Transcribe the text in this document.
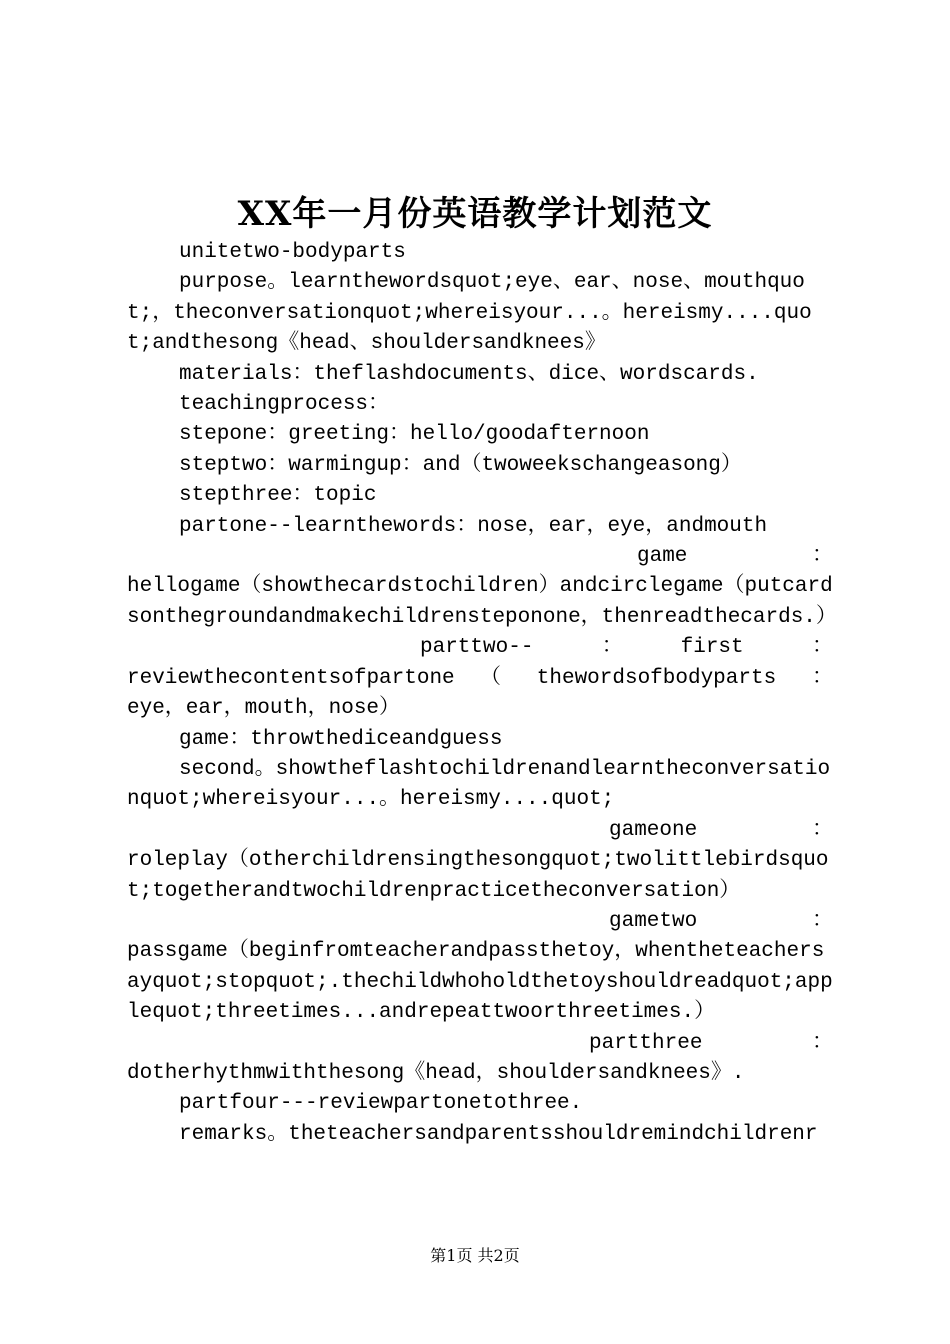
XX年一月份英语教学计划范文

unitetwo-bodyparts

purpose。learnthewordsquot;eye、ear、nose、mouthquot;，theconversationquot;whereisyour...。hereismy....quot;andthesong《head、shouldersandknees》

materials：theflashdocuments、dice、wordscards.

teachingprocess：

stepone：greeting：hello/goodafternoon

steptwo：warmingup：and（twoweekschangeasong）

stepthree：topic

partone--learnthewords：nose，ear，eye，andmouth

game　：

hellogame（showthecardstochildren）andcirclegame（putcardsonthegroundandmakechildrensteponone，thenreadthecards.）

parttwo--　：　first　：

reviewthecontentsofpartone　（　thewordsofbodyparts　：

eye，ear，mouth，nose）

game：throwthediceandguess

second。showtheflashtochildrenandlearntheconversationquot;whereisyour...。hereismy....quot;

gameone　：

roleplay（otherchildrensingthesongquot;twolittlebirdsquot;togetherandtwochildrenpracticetheconversation）

gametwo　：

passgame（beginfromteacherandpassthetoy，whentheteachersayquot;stopquot;.thechildwhoholdthetoyshouldreadquot;applequot;threetimes...andrepeattwoorthreetimes.）

partthree　：

dotherhythmwiththesong《head，shouldersandknees》.

partfour---reviewpartonetothree.

remarks。theteachersandparentsshouldremindchildrenr

第1页 共2页
